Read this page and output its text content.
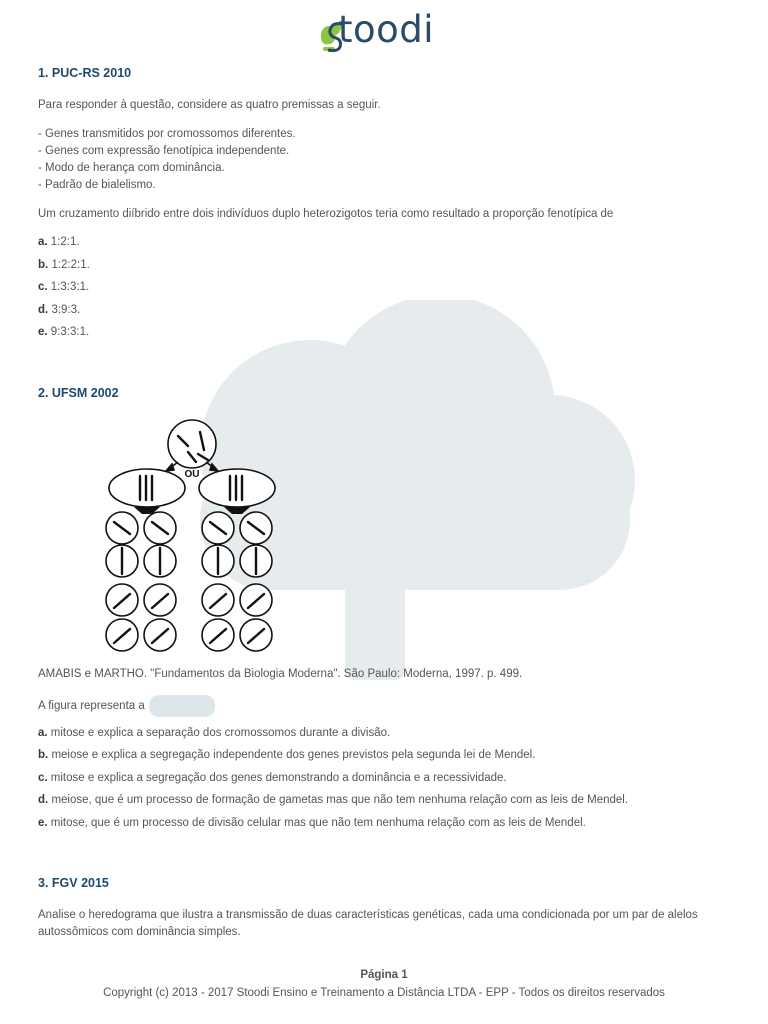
toodi
1. PUC-RS 2010

Para responder à questão, considere as quatro premissas a seguir.

- Genes transmitidos por cromossomos diferentes.

- Genes com expressão fenotípica independente.

- Modo de herança com dominância.

- Padrão de bialelismo.

Um cruzamento diíbrido entre dois indivíduos duplo heterozigotos teria como resultado a proporção fenotípica de

a. 1:2:1.
b. 1:2:2:1.
c. 1:3:3:1.
d. 3:9:3.
e. 9:3:3:1.
2. UFSM 2002

AMABIS e MARTHO. "Fundamentos da Biologia Moderna". São Paulo: Moderna, 1997. p. 499.

A figura representa a

a. mitose e explica a separação dos cromossomos durante a divisão.
b. meiose e explica a segregação independente dos genes previstos pela segunda lei de Mendel.
c. mitose e explica a segregação dos genes demonstrando a dominância e a recessividade.
d. meiose, que é um processo de formação de gametas mas que não tem nenhuma relação com as leis de Mendel.
e. mitose, que é um processo de divisão celular mas que não tem nenhuma relação com as leis de Mendel.
3. FGV 2015

Analise o heredograma que ilustra a transmissão de duas características genéticas, cada uma condicionada por um par de alelos

autossômicos com dominância simples.

OU
Página 1
Copyright (c) 2013 - 2017 Stoodi Ensino e Treinamento a Distância LTDA - EPP - Todos os direitos reservados
